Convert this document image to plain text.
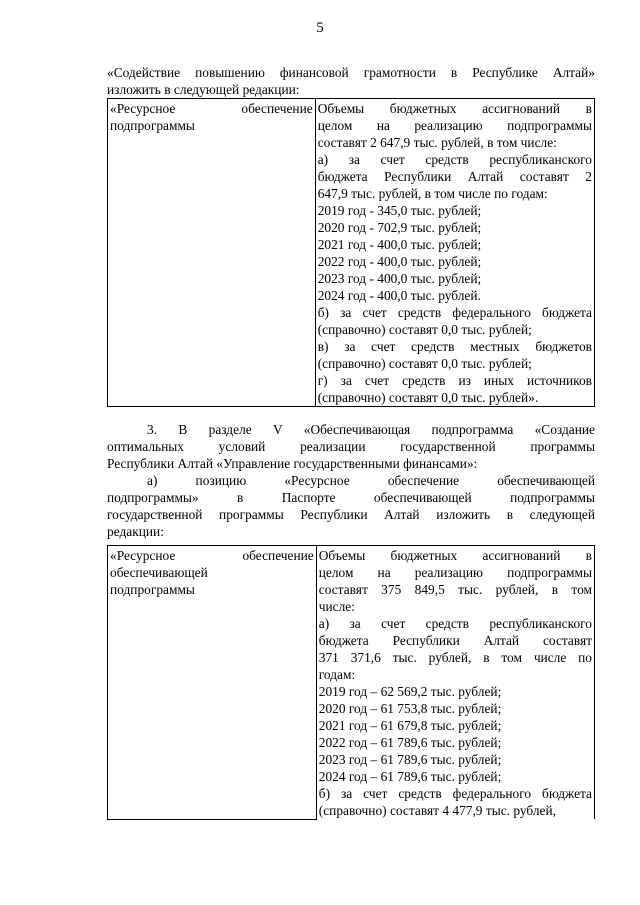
5
«Содействие повышению финансовой грамотности в Республике Алтай»
изложить в следующей редакции:
«Ресурсное обеспечение
подпрограммы

Объемы бюджетных ассигнований в
целом на реализацию подпрограммы
составят 2 647,9 тыс. рублей, в том числе:
а) за счет средств республиканского
бюджета Республики Алтай составят 2
647,9 тыс. рублей, в том числе по годам:
2019 год - 345,0 тыс. рублей;
2020 год - 702,9 тыс. рублей;
2021 год - 400,0 тыс. рублей;
2022 год - 400,0 тыс. рублей;
2023 год - 400,0 тыс. рублей;
2024 год - 400,0 тыс. рублей.
б) за счет средств федерального бюджета
(справочно) составят 0,0 тыс. рублей;
в) за счет средств местных бюджетов
(справочно) составят 0,0 тыс. рублей;
г) за счет средств из иных источников
(справочно) составят 0,0 тыс. рублей».
3. В разделе V «Обеспечивающая подпрограмма «Создание
оптимальных условий реализации государственной программы
Республики Алтай «Управление государственными финансами»:
а) позицию «Ресурсное обеспечение обеспечивающей
подпрограммы» в Паспорте обеспечивающей подпрограммы
государственной программы Республики Алтай изложить в следующей
редакции:
«Ресурсное обеспечение
обеспечивающей
подпрограммы

Объемы бюджетных ассигнований в
целом на реализацию подпрограммы
составят 375 849,5 тыс. рублей, в том
числе:
а) за счет средств республиканского
бюджета Республики Алтай составят
371 371,6 тыс. рублей, в том числе по
годам:
2019 год – 62 569,2 тыс. рублей;
2020 год – 61 753,8 тыс. рублей;
2021 год – 61 679,8 тыс. рублей;
2022 год – 61 789,6 тыс. рублей;
2023 год – 61 789,6 тыс. рублей;
2024 год – 61 789,6 тыс. рублей;
б) за счет средств федерального бюджета
(справочно) составят 4 477,9 тыс. рублей,
